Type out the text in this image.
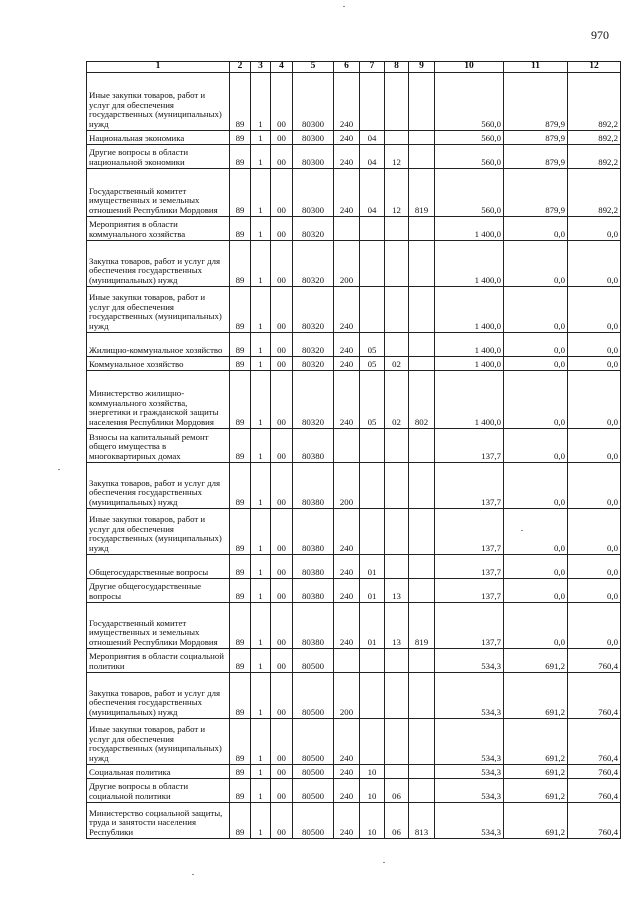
970
1	2	3	4	5	6	7	8	9	10	11	12
Иные закупки товаров, работ и услуг для обеспечения государственных (муниципальных) нужд	89	1	00	80300	240				560,0	879,9	892,2
Национальная экономика	89	1	00	80300	240	04			560,0	879,9	892,2
Другие вопросы в области национальной экономики	89	1	00	80300	240	04	12		560,0	879,9	892,2
Государственный комитет имущественных и земельных отношений Республики Мордовия	89	1	00	80300	240	04	12	819	560,0	879,9	892,2
Мероприятия в области коммунального хозяйства	89	1	00	80320					1 400,0	0,0	0,0
Закупка товаров, работ и услуг для обеспечения государственных (муниципальных) нужд	89	1	00	80320	200				1 400,0	0,0	0,0
Иные закупки товаров, работ и услуг для обеспечения государственных (муниципальных) нужд	89	1	00	80320	240				1 400,0	0,0	0,0
Жилищно-коммунальное хозяйство	89	1	00	80320	240	05			1 400,0	0,0	0,0
Коммунальное хозяйство	89	1	00	80320	240	05	02		1 400,0	0,0	0,0
Министерство жилищно-коммунального хозяйства, энергетики и гражданской защиты населения Республики Мордовия	89	1	00	80320	240	05	02	802	1 400,0	0,0	0,0
Взносы на капитальный ремонт общего имущества в многоквартирных домах	89	1	00	80380					137,7	0,0	0,0
Закупка товаров, работ и услуг для обеспечения государственных (муниципальных) нужд	89	1	00	80380	200				137,7	0,0	0,0
Иные закупки товаров, работ и услуг для обеспечения государственных (муниципальных) нужд	89	1	00	80380	240				137,7	0,0	0,0
Общегосударственные вопросы	89	1	00	80380	240	01			137,7	0,0	0,0
Другие общегосударственные вопросы	89	1	00	80380	240	01	13		137,7	0,0	0,0
Государственный комитет имущественных и земельных отношений Республики Мордовия	89	1	00	80380	240	01	13	819	137,7	0,0	0,0
Мероприятия в области социальной политики	89	1	00	80500					534,3	691,2	760,4
Закупка товаров, работ и услуг для обеспечения государственных (муниципальных) нужд	89	1	00	80500	200				534,3	691,2	760,4
Иные закупки товаров, работ и услуг для обеспечения государственных (муниципальных) нужд	89	1	00	80500	240				534,3	691,2	760,4
Социальная политика	89	1	00	80500	240	10			534,3	691,2	760,4
Другие вопросы в области социальной политики	89	1	00	80500	240	10	06		534,3	691,2	760,4
Министерство социальной защиты, труда и занятости населения Республики	89	1	00	80500	240	10	06	813	534,3	691,2	760,4
